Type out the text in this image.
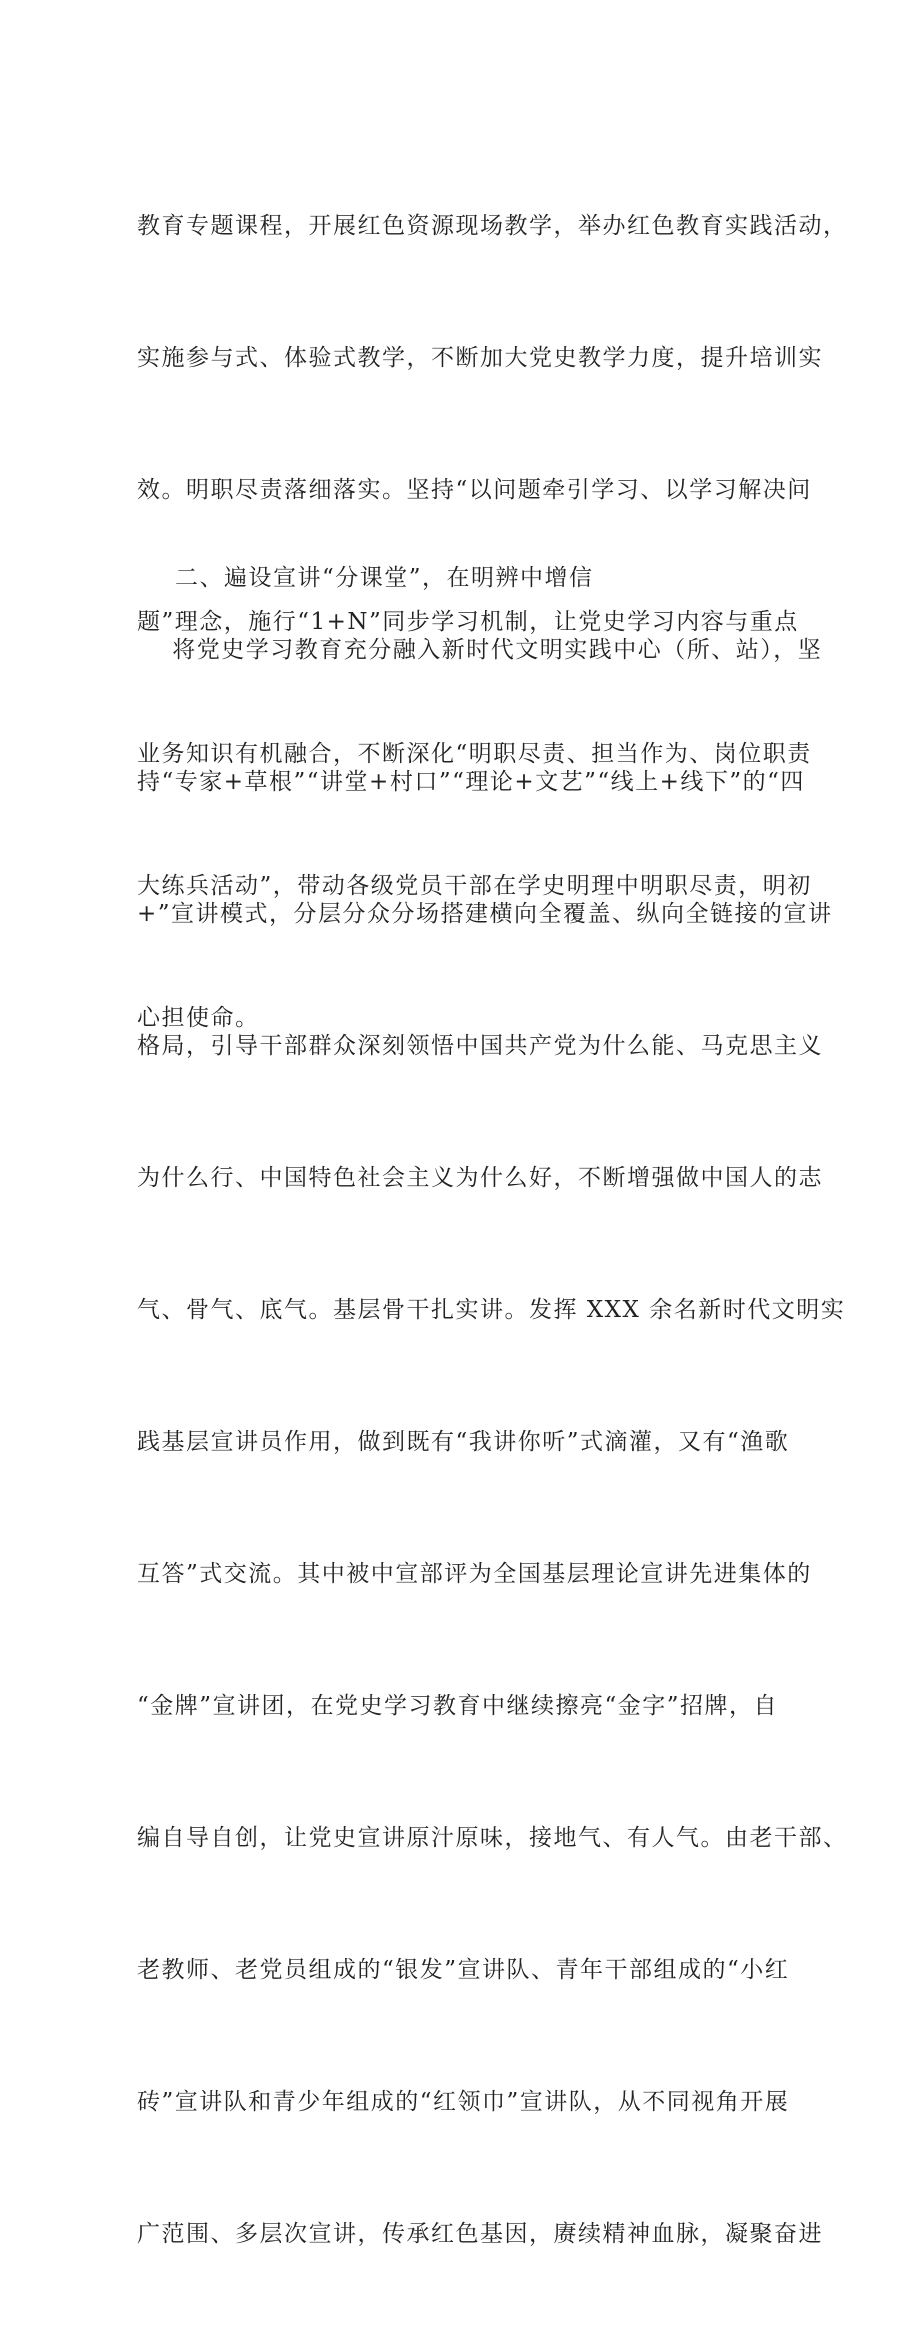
教育专题课程，开展红色资源现场教学，举办红色教育实践活动，

实施参与式、体验式教学，不断加大党史教学力度，提升培训实

效。明职尽责落细落实。坚持“以问题牵引学习、以学习解决问

题”理念，施行“1+N”同步学习机制，让党史学习内容与重点

业务知识有机融合，不断深化“明职尽责、担当作为、岗位职责

大练兵活动”，带动各级党员干部在学史明理中明职尽责，明初

心担使命。

二、遍设宣讲“分课堂”，在明辨中增信

将党史学习教育充分融入新时代文明实践中心（所、站），坚

持“专家+草根”“讲堂+村口”“理论+文艺”“线上+线下”的“四

+”宣讲模式，分层分众分场搭建横向全覆盖、纵向全链接的宣讲

格局，引导干部群众深刻领悟中国共产党为什么能、马克思主义

为什么行、中国特色社会主义为什么好，不断增强做中国人的志

气、骨气、底气。基层骨干扎实讲。发挥 XXX 余名新时代文明实

践基层宣讲员作用，做到既有“我讲你听”式滴灌，又有“渔歌

互答”式交流。其中被中宣部评为全国基层理论宣讲先进集体的

“金牌”宣讲团，在党史学习教育中继续擦亮“金字”招牌，自

编自导自创，让党史宣讲原汁原味，接地气、有人气。由老干部、

老教师、老党员组成的“银发”宣讲队、青年干部组成的“小红

砖”宣讲队和青少年组成的“红领巾”宣讲队，从不同视角开展

广范围、多层次宣讲，传承红色基因，赓续精神血脉，凝聚奋进
